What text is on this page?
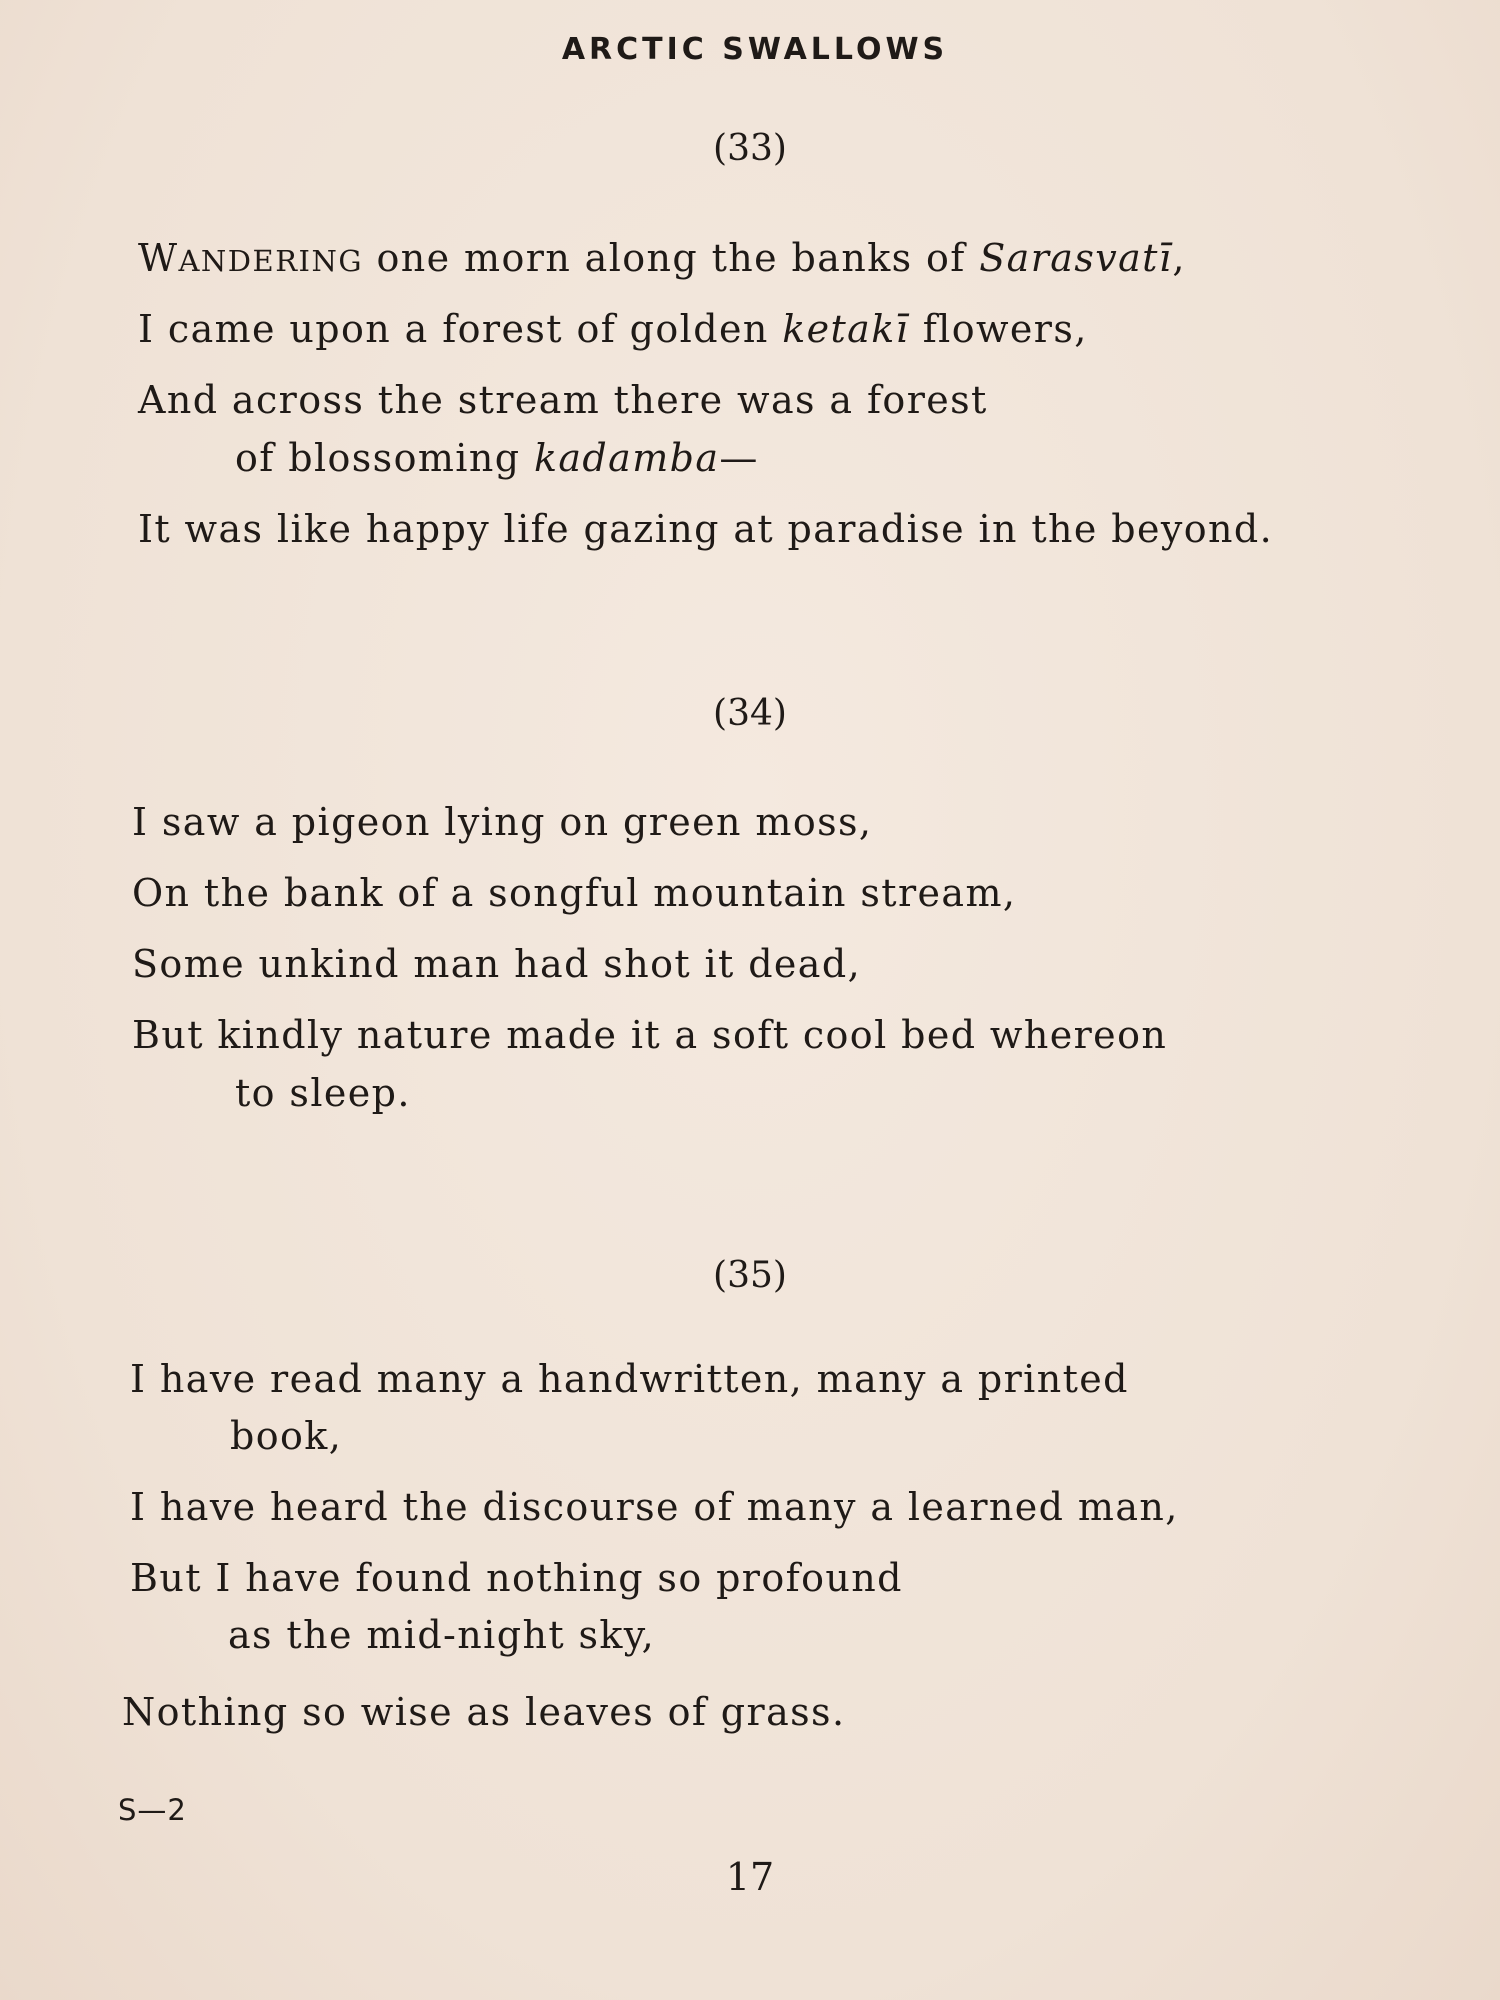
ARCTIC SWALLOWS
(33)
WANDERING one morn along the banks of Sarasvatī,
I came upon a forest of golden ketakī flowers,
And across the stream there was a forest
of blossoming kadamba—
It was like happy life gazing at paradise in the beyond.
(34)
I saw a pigeon lying on green moss,
On the bank of a songful mountain stream,
Some unkind man had shot it dead,
But kindly nature made it a soft cool bed whereon
to sleep.
(35)
I have read many a handwritten, many a printed
book,
I have heard the discourse of many a learned man,
But I have found nothing so profound
as the mid-night sky,
Nothing so wise as leaves of grass.
S—2
17
